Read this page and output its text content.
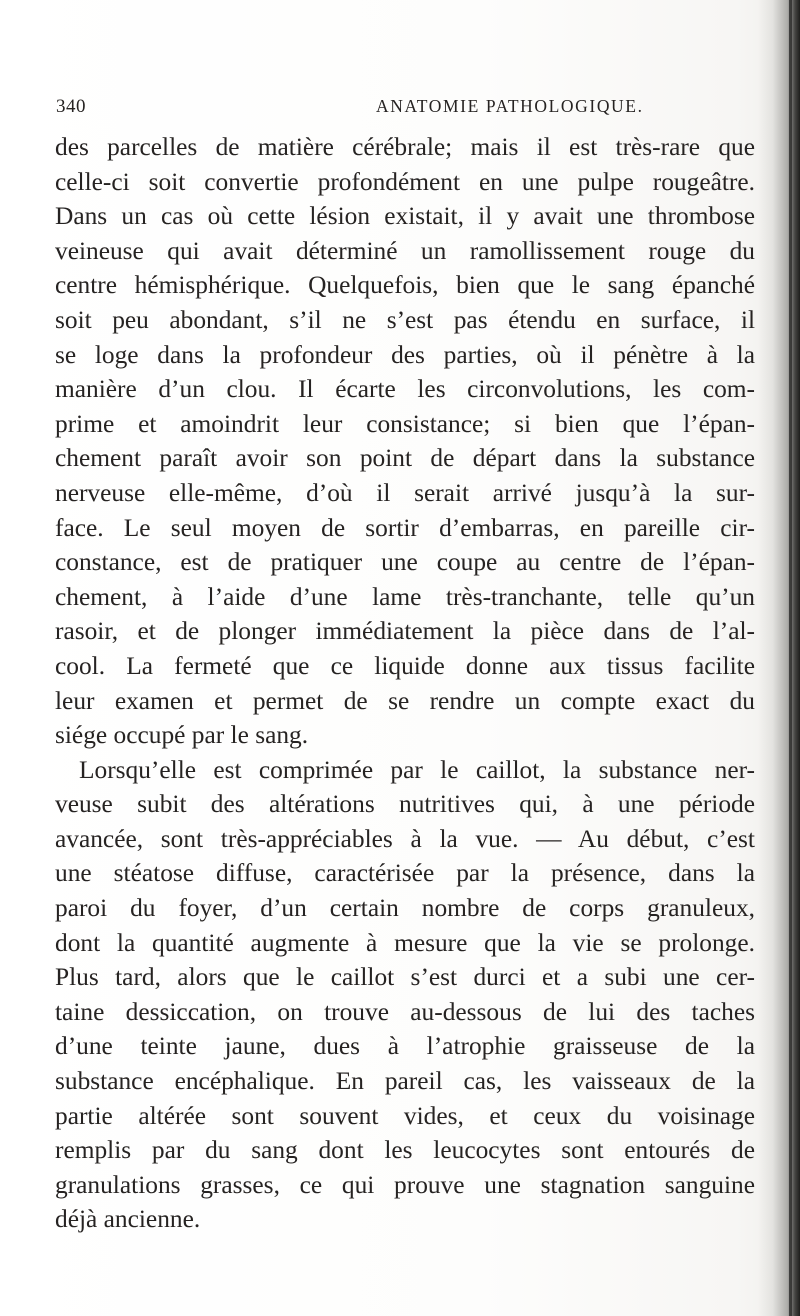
340	ANATOMIE PATHOLOGIQUE.
des parcelles de matière cérébrale; mais il est très-rare que
celle-ci soit convertie profondément en une pulpe rougeâtre.
Dans un cas où cette lésion existait, il y avait une thrombose
veineuse qui avait déterminé un ramollissement rouge du
centre hémisphérique. Quelquefois, bien que le sang épanché
soit peu abondant, s’il ne s’est pas étendu en surface, il
se loge dans la profondeur des parties, où il pénètre à la
manière d’un clou. Il écarte les circonvolutions, les com-
prime et amoindrit leur consistance; si bien que l’épan-
chement paraît avoir son point de départ dans la substance
nerveuse elle-même, d’où il serait arrivé jusqu’à la sur-
face. Le seul moyen de sortir d’embarras, en pareille cir-
constance, est de pratiquer une coupe au centre de l’épan-
chement, à l’aide d’une lame très-tranchante, telle qu’un
rasoir, et de plonger immédiatement la pièce dans de l’al-
cool. La fermeté que ce liquide donne aux tissus facilite
leur examen et permet de se rendre un compte exact du
siége occupé par le sang.
Lorsqu’elle est comprimée par le caillot, la substance ner-
veuse subit des altérations nutritives qui, à une période
avancée, sont très-appréciables à la vue. — Au début, c’est
une stéatose diffuse, caractérisée par la présence, dans la
paroi du foyer, d’un certain nombre de corps granuleux,
dont la quantité augmente à mesure que la vie se prolonge.
Plus tard, alors que le caillot s’est durci et a subi une cer-
taine dessiccation, on trouve au-dessous de lui des taches
d’une teinte jaune, dues à l’atrophie graisseuse de la
substance encéphalique. En pareil cas, les vaisseaux de la
partie altérée sont souvent vides, et ceux du voisinage
remplis par du sang dont les leucocytes sont entourés de
granulations grasses, ce qui prouve une stagnation sanguine
déjà ancienne.
